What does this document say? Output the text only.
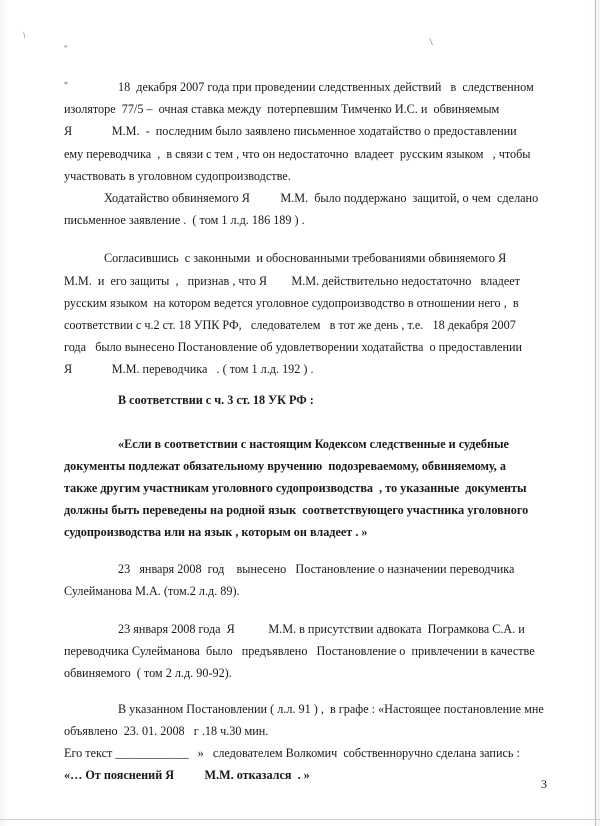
/
"
*
/
18  декабря 2007 года при проведении следственных действий   в  следственном
изоляторе  77/5 –  очная ставка между  потерпевшим Тимченко И.С. и  обвиняемым
Я             М.М.  -  последним было заявлено письменное ходатайство о предоставлении
ему переводчика  ,  в связи с тем , что он недостаточно  владеет  русским языком   , чтобы
участвовать в уголовном судопроизводстве.
Ходатайство обвиняемого Я          М.М.  было поддержано  защитой, о чем  сделано
письменное заявление .  ( том 1 л.д. 186 189 ) .
Согласившись  с законными  и обоснованными требованиями обвиняемого Я
М.М.  и  его защиты  ,   признав , что Я        М.М. действительно недостаточно   владеет
русским языком  на котором ведется уголовное судопроизводство в отношении него ,  в
соответствии с ч.2 ст. 18 УПК РФ,   следователем   в тот же день , т.е.   18 декабря 2007
года   было вынесено Постановление об удовлетворении ходатайства  о предоставлении
Я             М.М. переводчика   . ( том 1 л.д. 192 ) .
В соответствии с ч. 3 ст. 18 УК РФ :
«Если в соответствии с настоящим Кодексом следственные и судебные
документы подлежат обязательному вручению  подозреваемому, обвиняемому, а
также другим участникам уголовного судопроизводства  , то указанные  документы
должны быть переведены на родной язык  соответствующего участника уголовного
судопроизводства или на язык , которым он владеет . »
23   января 2008  год    вынесено   Постановление о назначении переводчика
Сулейманова М.А. (том.2 л.д. 89).
23 января 2008 года  Я           М.М. в присутствии адвоката  Пограмкова С.А. и
переводчика Сулейманова  было   предъявлено   Постановление о  привлечении в качестве
обвиняемого  ( том 2 л.д. 90-92).
В указанном Постановлении ( л.л. 91 ) ,  в графе : «Настоящее постановление мне
объявлено  23. 01. 2008   г .18 ч.30 мин.
Его текст ____________   »   следователем Волкомич  собственноручно сделана запись :
«… От пояснений Я          М.М. отказался  . »
3
